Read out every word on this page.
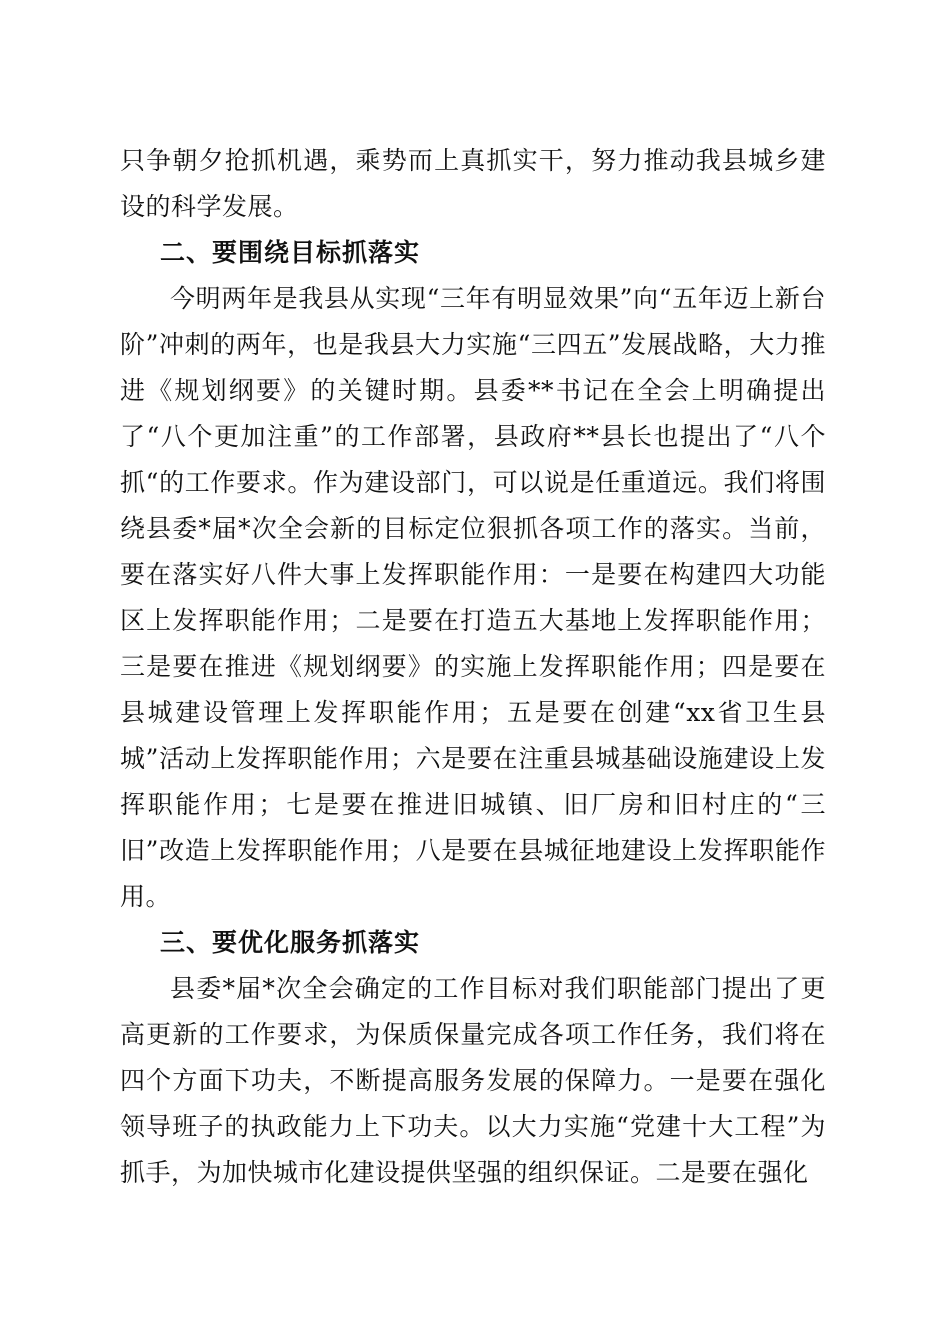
只争朝夕抢抓机遇，乘势而上真抓实干，努力推动我县城乡建设的科学发展。

二、要围绕目标抓落实

今明两年是我县从实现“三年有明显效果”向“五年迈上新台阶”冲刺的两年，也是我县大力实施“三四五”发展战略，大力推进《规划纲要》的关键时期。县委**书记在全会上明确提出了“八个更加注重”的工作部署，县政府**县长也提出了“八个抓“的工作要求。作为建设部门，可以说是任重道远。我们将围绕县委*届*次全会新的目标定位狠抓各项工作的落实。当前，要在落实好八件大事上发挥职能作用：一是要在构建四大功能区上发挥职能作用；二是要在打造五大基地上发挥职能作用；三是要在推进《规划纲要》的实施上发挥职能作用；四是要在县城建设管理上发挥职能作用；五是要在创建“xx省卫生县城”活动上发挥职能作用；六是要在注重县城基础设施建设上发挥职能作用；七是要在推进旧城镇、旧厂房和旧村庄的“三旧”改造上发挥职能作用；八是要在县城征地建设上发挥职能作用。

三、要优化服务抓落实

县委*届*次全会确定的工作目标对我们职能部门提出了更高更新的工作要求，为保质保量完成各项工作任务，我们将在四个方面下功夫，不断提高服务发展的保障力。一是要在强化领导班子的执政能力上下功夫。以大力实施“党建十大工程”为抓手，为加快城市化建设提供坚强的组织保证。二是要在强化
